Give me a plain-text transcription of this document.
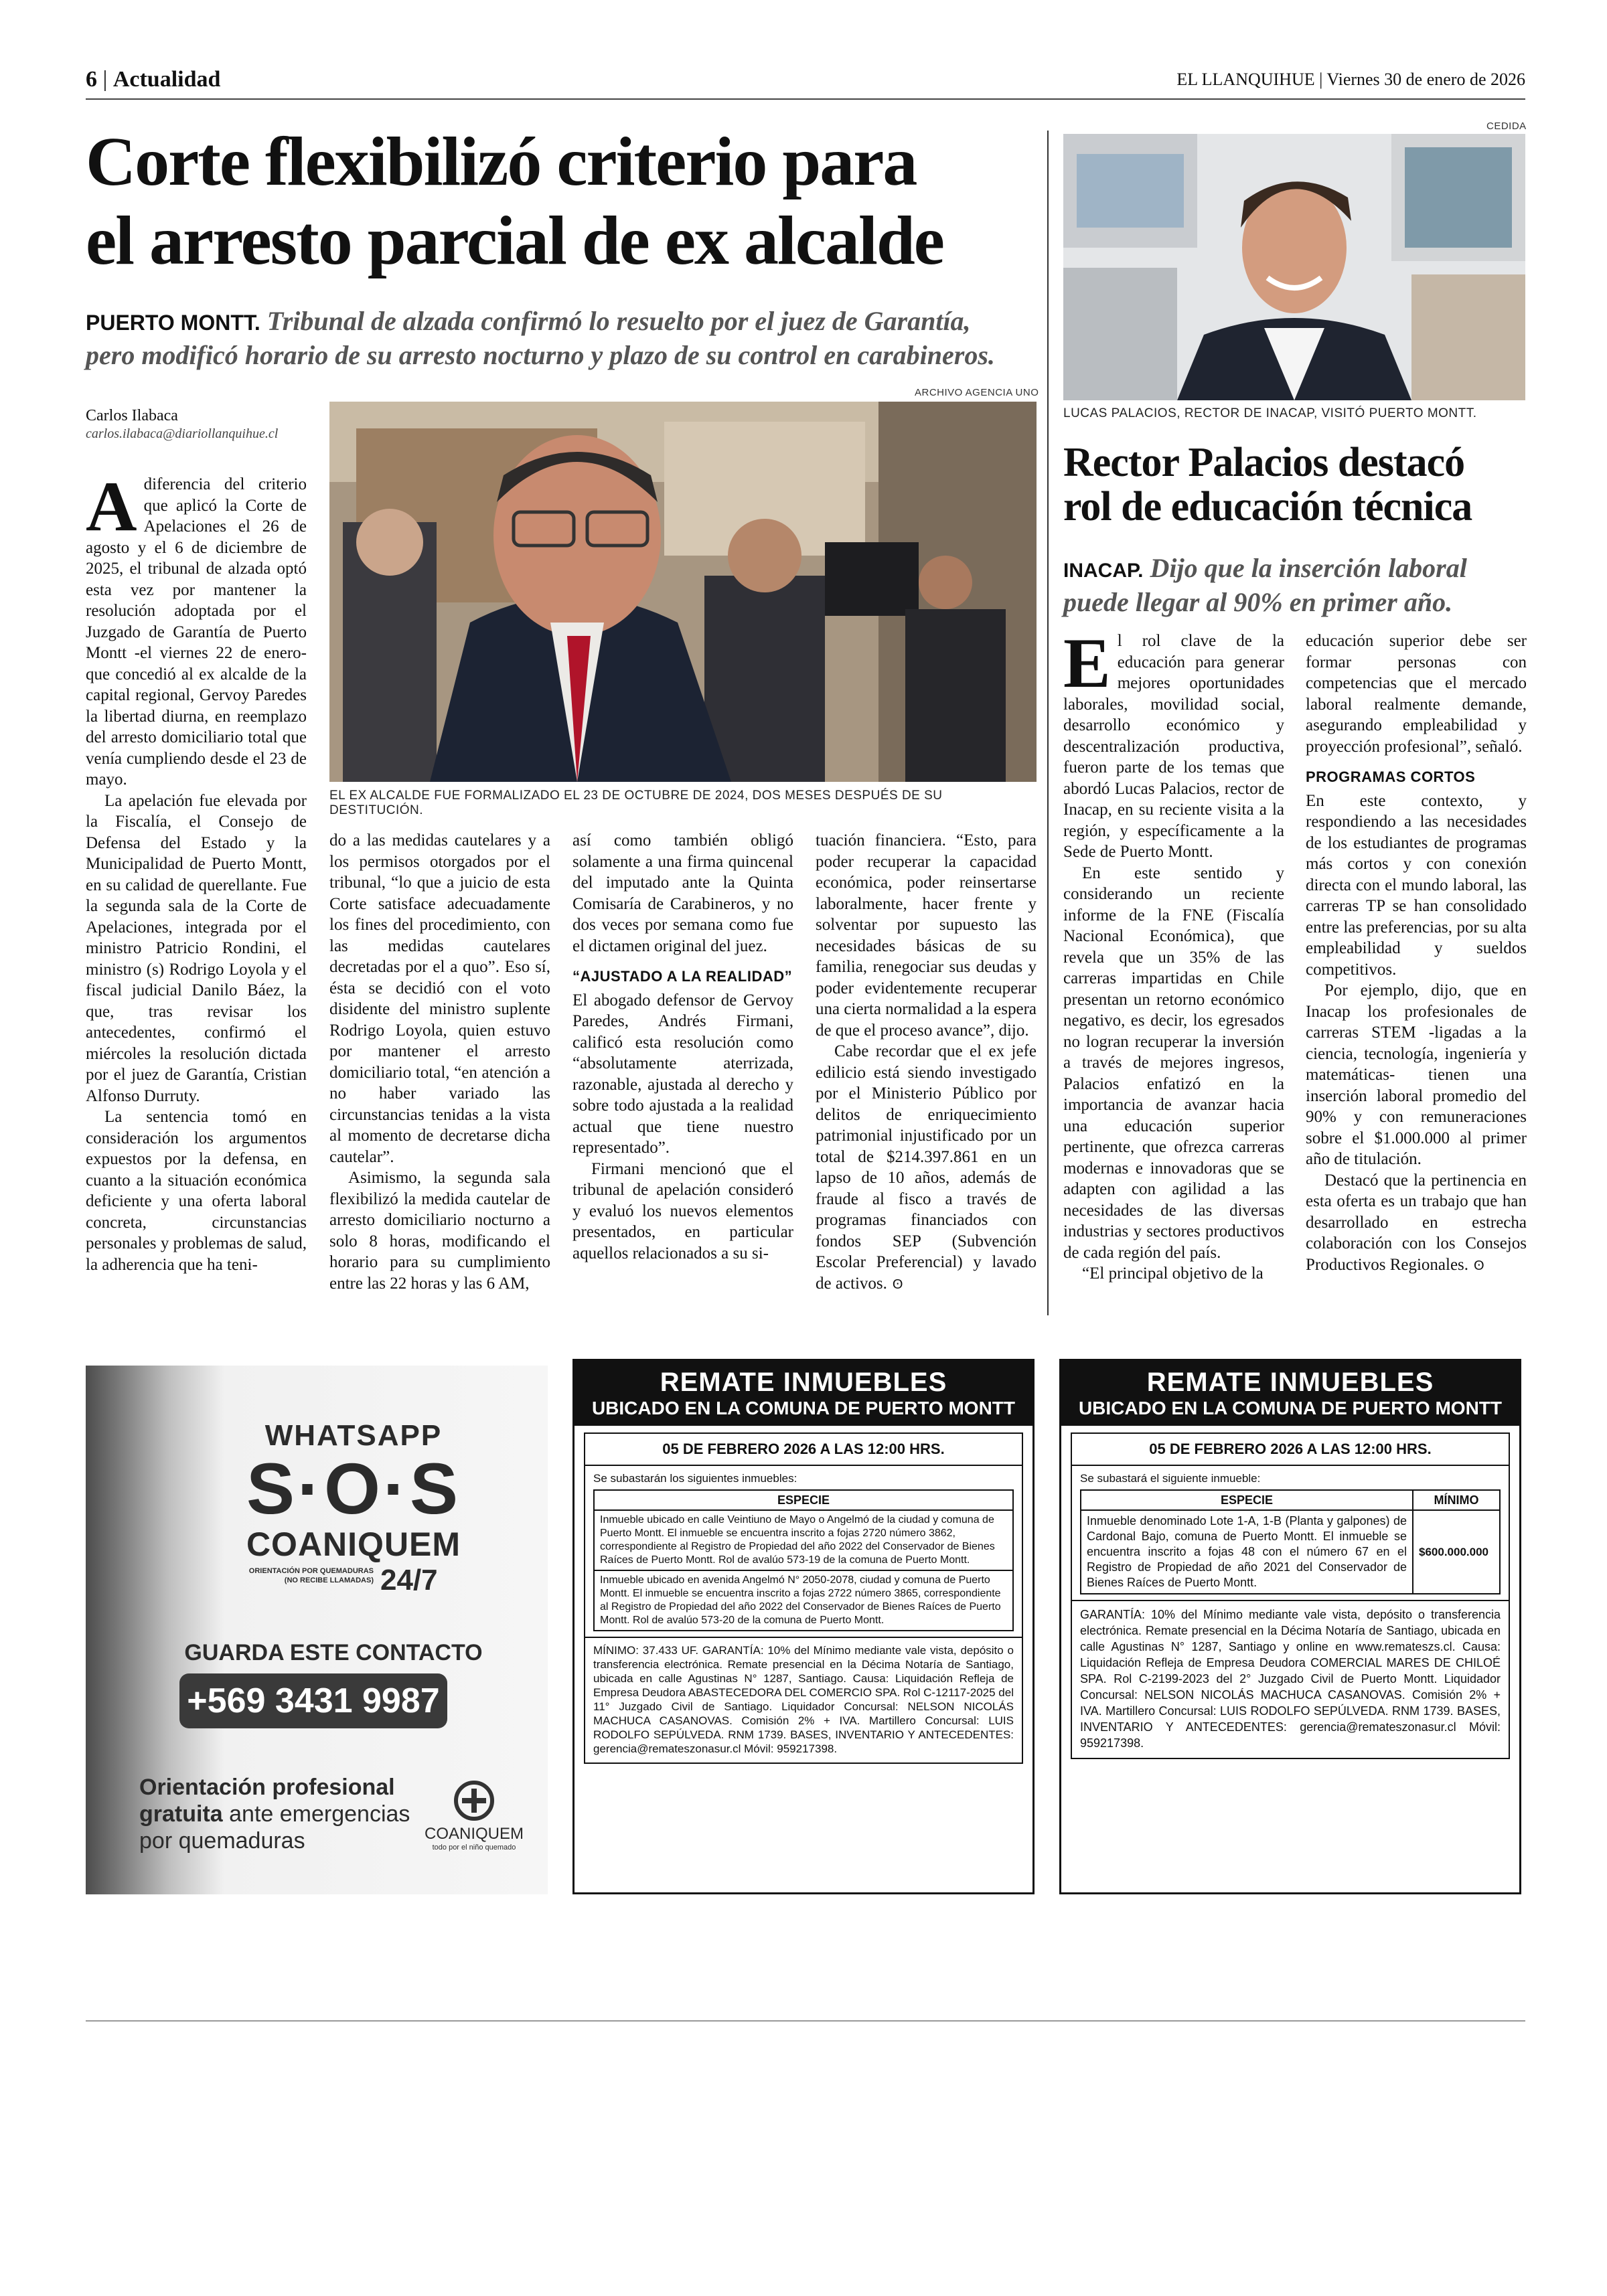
6 | Actualidad	EL LLANQUIHUE | Viernes 30 de enero de 2026
Corte flexibilizó criterio para
el arresto parcial de ex alcalde
PUERTO MONTT. Tribunal de alzada confirmó lo resuelto por el juez de Garantía,
pero modificó horario de su arresto nocturno y plazo de su control en carabineros.
Carlos Ilabaca
carlos.ilabaca@diariollanquihue.cl
ARCHIVO AGENCIA UNO
EL EX ALCALDE FUE FORMALIZADO EL 23 DE OCTUBRE DE 2024, DOS MESES DESPUÉS DE SU DESTITUCIÓN.

Adiferencia del criterio que aplicó la Corte de Apelaciones el 26 de agosto y el 6 de diciembre de 2025, el tribunal de alzada optó esta vez por mantener la resolución adoptada por el Juzgado de Garantía de Puerto Montt -el viernes 22 de enero- que concedió al ex alcalde de la capital regional, Gervoy Paredes la libertad diurna, en reemplazo del arresto domiciliario total que venía cumpliendo desde el 23 de mayo.

La apelación fue elevada por la Fiscalía, el Consejo de Defensa del Estado y la Municipalidad de Puerto Montt, en su calidad de querellante. Fue la segunda sala de la Corte de Apelaciones, integrada por el ministro Patricio Rondini, el ministro (s) Rodrigo Loyola y el fiscal judicial Danilo Báez, la que, tras revisar los antecedentes, confirmó el miércoles la resolución dictada por el juez de Garantía, Cristian Alfonso Durruty.

La sentencia tomó en consideración los argumentos expuestos por la defensa, en cuanto a la situación económica deficiente y una oferta laboral concreta, circunstancias personales y problemas de salud, la adherencia que ha teni-

do a las medidas cautelares y a los permisos otorgados por el tribunal, “lo que a juicio de esta Corte satisface adecuadamente los fines del procedimiento, con las medidas cautelares decretadas por el a quo”. Eso sí, ésta se decidió con el voto disidente del ministro suplente Rodrigo Loyola, quien estuvo por mantener el arresto domiciliario total, “en atención a no haber variado las circunstancias tenidas a la vista al momento de decretarse dicha cautelar”.

Asimismo, la segunda sala flexibilizó la medida cautelar de arresto domiciliario nocturno a solo 8 horas, modificando el horario para su cumplimiento entre las 22 horas y las 6 AM,

así como también obligó solamente a una firma quincenal del imputado ante la Quinta Comisaría de Carabineros, y no dos veces por semana como fue el dictamen original del juez.

“AJUSTADO A LA REALIDAD”

El abogado defensor de Gervoy Paredes, Andrés Firmani, calificó esta resolución como “absolutamente aterrizada, razonable, ajustada al derecho y sobre todo ajustada a la realidad actual que tiene nuestro representado”.

Firmani mencionó que el tribunal de apelación consideró y evaluó los nuevos elementos presentados, en particular aquellos relacionados a su si-

tuación financiera. “Esto, para poder recuperar la capacidad económica, poder reinsertarse laboralmente, hacer frente y solventar por supuesto las necesidades básicas de su familia, renegociar sus deudas y poder evidentemente recuperar una cierta normalidad a la espera de que el proceso avance”, dijo.

Cabe recordar que el ex jefe edilicio está siendo investigado por el Ministerio Público por delitos de enriquecimiento patrimonial injustificado por un total de $214.397.861 en un lapso de 10 años, además de fraude al fisco a través de programas financiados con fondos SEP (Subvención Escolar Preferencial) y lavado de activos. ʘ

CEDIDA
LUCAS PALACIOS, RECTOR DE INACAP, VISITÓ PUERTO MONTT.
Rector Palacios destacó
rol de educación técnica
INACAP. Dijo que la inserción laboral
puede llegar al 90% en primer año.

El rol clave de la educación para generar mejores oportunidades laborales, movilidad social, desarrollo económico y descentralización productiva, fueron parte de los temas que abordó Lucas Palacios, rector de Inacap, en su reciente visita a la región, y específicamente a la Sede de Puerto Montt.

En este sentido y considerando un reciente informe de la FNE (Fiscalía Nacional Económica), que revela que un 35% de las carreras impartidas en Chile presentan un retorno económico negativo, es decir, los egresados no logran recuperar la inversión a través de mejores ingresos, Palacios enfatizó en la importancia de avanzar hacia una educación superior pertinente, que ofrezca carreras modernas e innovadoras que se adapten con agilidad a las necesidades de las diversas industrias y sectores productivos de cada región del país.

“El principal objetivo de la

educación superior debe ser formar personas con competencias que el mercado laboral realmente demande, asegurando empleabilidad y proyección profesional”, señaló.

PROGRAMAS CORTOS

En este contexto, y respondiendo a las necesidades de los estudiantes de programas más cortos y con conexión directa con el mundo laboral, las carreras TP se han consolidado entre las preferencias, por su alta empleabilidad y sueldos competitivos.

Por ejemplo, dijo, que en Inacap los profesionales de carreras STEM -ligadas a la ciencia, tecnología, ingeniería y matemáticas- tienen una inserción laboral promedio del 90% y con remuneraciones sobre el $1.000.000 al primer año de titulación.

Destacó que la pertinencia en esta oferta es un trabajo que han desarrollado en estrecha colaboración con los Consejos Productivos Regionales. ʘ

WHATSAPP
S·O·S
COANIQUEM
ORIENTACIÓN POR QUEMADURAS (NO RECIBE LLAMADAS) 24/7
GUARDA ESTE CONTACTO
+569 3431 9987
Orientación profesional
gratuita ante emergencias
por quemaduras	COANIQUEM
todo por el niño quemado
REMATE INMUEBLES
UBICADO EN LA COMUNA DE PUERTO MONTT
05 DE FEBRERO 2026 A LAS 12:00 HRS.
Se subastarán los siguientes inmuebles:
ESPECIE
Inmueble ubicado en calle Veintiuno de Mayo o Angelmó de la ciudad y comuna de Puerto Montt. El inmueble se encuentra inscrito a fojas 2720 número 3862, correspondiente al Registro de Propiedad del año 2022 del Conservador de Bienes Raíces de Puerto Montt. Rol de avalúo 573-19 de la comuna de Puerto Montt.
Inmueble ubicado en avenida Angelmó N° 2050-2078, ciudad y comuna de Puerto Montt. El inmueble se encuentra inscrito a fojas 2722 número 3865, correspondiente al Registro de Propiedad del año 2022 del Conservador de Bienes Raíces de Puerto Montt. Rol de avalúo 573-20 de la comuna de Puerto Montt.
MÍNIMO: 37.433 UF. GARANTÍA: 10% del Mínimo mediante vale vista, depósito o transferencia electrónica. Remate presencial en la Décima Notaría de Santiago, ubicada en calle Agustinas N° 1287, Santiago. Causa: Liquidación Refleja de Empresa Deudora ABASTECEDORA DEL COMERCIO SPA. Rol C-12117-2025 del 11° Juzgado Civil de Santiago. Liquidador Concursal: NELSON NICOLÁS MACHUCA CASANOVAS. Comisión 2% + IVA. Martillero Concursal: LUIS RODOLFO SEPÚLVEDA. RNM 1739. BASES, INVENTARIO Y ANTECEDENTES: gerencia@remateszonasur.cl Móvil: 959217398.
REMATE INMUEBLES
UBICADO EN LA COMUNA DE PUERTO MONTT
05 DE FEBRERO 2026 A LAS 12:00 HRS.
Se subastará el siguiente inmueble:
ESPECIE	MÍNIMO
Inmueble denominado Lote 1-A, 1-B (Planta y galpones) de Cardonal Bajo, comuna de Puerto Montt. El inmueble se encuentra inscrito a fojas 48 con el número 67 en el Registro de Propiedad de año 2021 del Conservador de Bienes Raíces de Puerto Montt.	$600.000.000
GARANTÍA: 10% del Mínimo mediante vale vista, depósito o transferencia electrónica. Remate presencial en la Décima Notaría de Santiago, ubicada en calle Agustinas N° 1287, Santiago y online en www.remateszs.cl. Causa: Liquidación Refleja de Empresa Deudora COMERCIAL MARES DE CHILOÉ SPA. Rol C-2199-2023 del 2° Juzgado Civil de Puerto Montt. Liquidador Concursal: NELSON NICOLÁS MACHUCA CASANOVAS. Comisión 2% + IVA. Martillero Concursal: LUIS RODOLFO SEPÚLVEDA. RNM 1739. BASES, INVENTARIO Y ANTECEDENTES: gerencia@remateszonasur.cl Móvil: 959217398.
